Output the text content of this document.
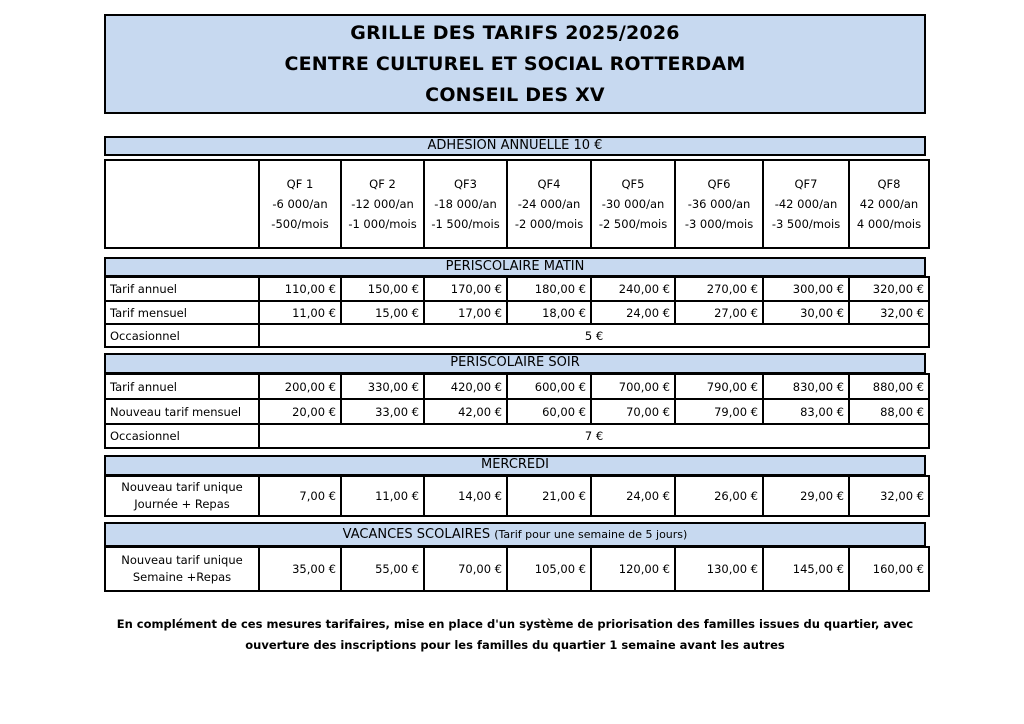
GRILLE DES TARIFS 2025/2026
CENTRE CULTUREL ET SOCIAL ROTTERDAM
CONSEIL DES XV
ADHESION ANNUELLE 10 €
	QF 1
-6 000/an
-500/mois	QF 2
-12 000/an
-1 000/mois	QF3
-18 000/an
-1 500/mois	QF4
-24 000/an
-2 000/mois	QF5
-30 000/an
-2 500/mois	QF6
-36 000/an
-3 000/mois	QF7
-42 000/an
-3 500/mois	QF8
42 000/an
4 000/mois
PERISCOLAIRE MATIN
Tarif annuel	110,00 €	150,00 €	170,00 €	180,00 €	240,00 €	270,00 €	300,00 €	320,00 €
Tarif mensuel	11,00 €	15,00 €	17,00 €	18,00 €	24,00 €	27,00 €	30,00 €	32,00 €
Occasionnel	5 €							
PERISCOLAIRE SOIR
Tarif annuel	200,00 €	330,00 €	420,00 €	600,00 €	700,00 €	790,00 €	830,00 €	880,00 €
Nouveau tarif mensuel	20,00 €	33,00 €	42,00 €	60,00 €	70,00 €	79,00 €	83,00 €	88,00 €
Occasionnel	7 €							
MERCREDI
Nouveau tarif unique
Journée + Repas	7,00 €	11,00 €	14,00 €	21,00 €	24,00 €	26,00 €	29,00 €	32,00 €
VACANCES SCOLAIRES (Tarif pour une semaine de 5 jours)
Nouveau tarif unique
Semaine +Repas	35,00 €	55,00 €	70,00 €	105,00 €	120,00 €	130,00 €	145,00 €	160,00 €
En complément de ces mesures tarifaires, mise en place d'un système de priorisation des familles issues du quartier, avec
ouverture des inscriptions pour les familles du quartier 1 semaine avant les autres
